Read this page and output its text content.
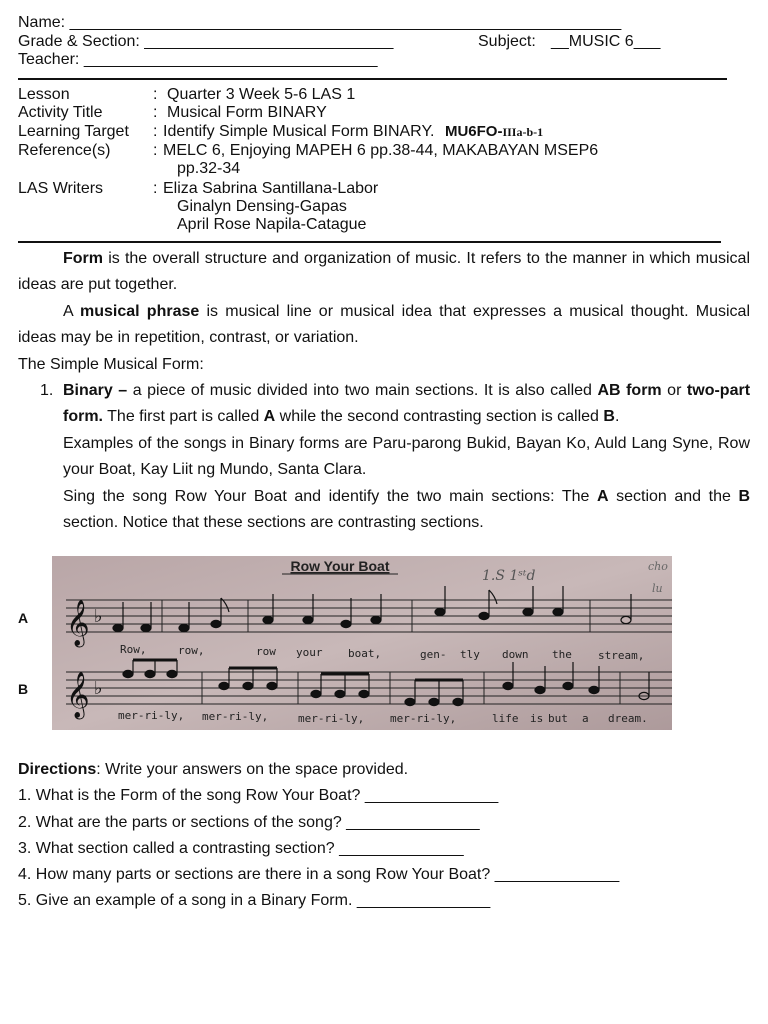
Name: ______________________________________________________________
Grade & Section: ____________________________	Subject: __MUSIC 6___
Teacher: _________________________________
Lesson	: Quarter 3 Week 5-6 LAS 1
Activity Title	: Musical Form BINARY
Learning Target : Identify Simple Musical Form BINARY. MU6FO-IIIa-b-1
Reference(s)	: MELC 6, Enjoying MAPEH 6 pp.38-44, MAKABAYAN MSEP6
pp.32-34
LAS Writers	: Eliza Sabrina Santillana-Labor
Ginalyn Densing-Gapas
April Rose Napila-Catague

Form is the overall structure and organization of music. It refers to the manner in which musical ideas are put together.

A musical phrase is musical line or musical idea that expresses a musical thought. Musical ideas may be in repetition, contrast, or variation.

The Simple Musical Form:

1. Binary – a piece of music divided into two main sections. It is also called AB form or two-part form. The first part is called A while the second contrasting section is called B.

Examples of the songs in Binary forms are Paru-parong Bukid, Bayan Ko, Auld Lang Syne, Row your Boat, Kay Liit ng Mundo, Santa Clara.

Sing the song Row Your Boat and identify the two main sections: The A section and the B section. Notice that these sections are contrasting sections.

A
B
Row Your Boat
1.S 1ˢᵗd
cho
lu
𝄞 ♭
Row,	row,	row your boat,	gen- tly down the stream,
𝄞 ♭
mer-ri-ly, mer-ri-ly,	mer-ri-ly, mer-ri-ly,	life is but a dream.
Directions: Write your answers on the space provided.
1. What is the Form of the song Row Your Boat? _______________
2. What are the parts or sections of the song? _______________
3. What section called a contrasting section? ______________
4. How many parts or sections are there in a song Row Your Boat? ______________
5. Give an example of a song in a Binary Form. _______________
